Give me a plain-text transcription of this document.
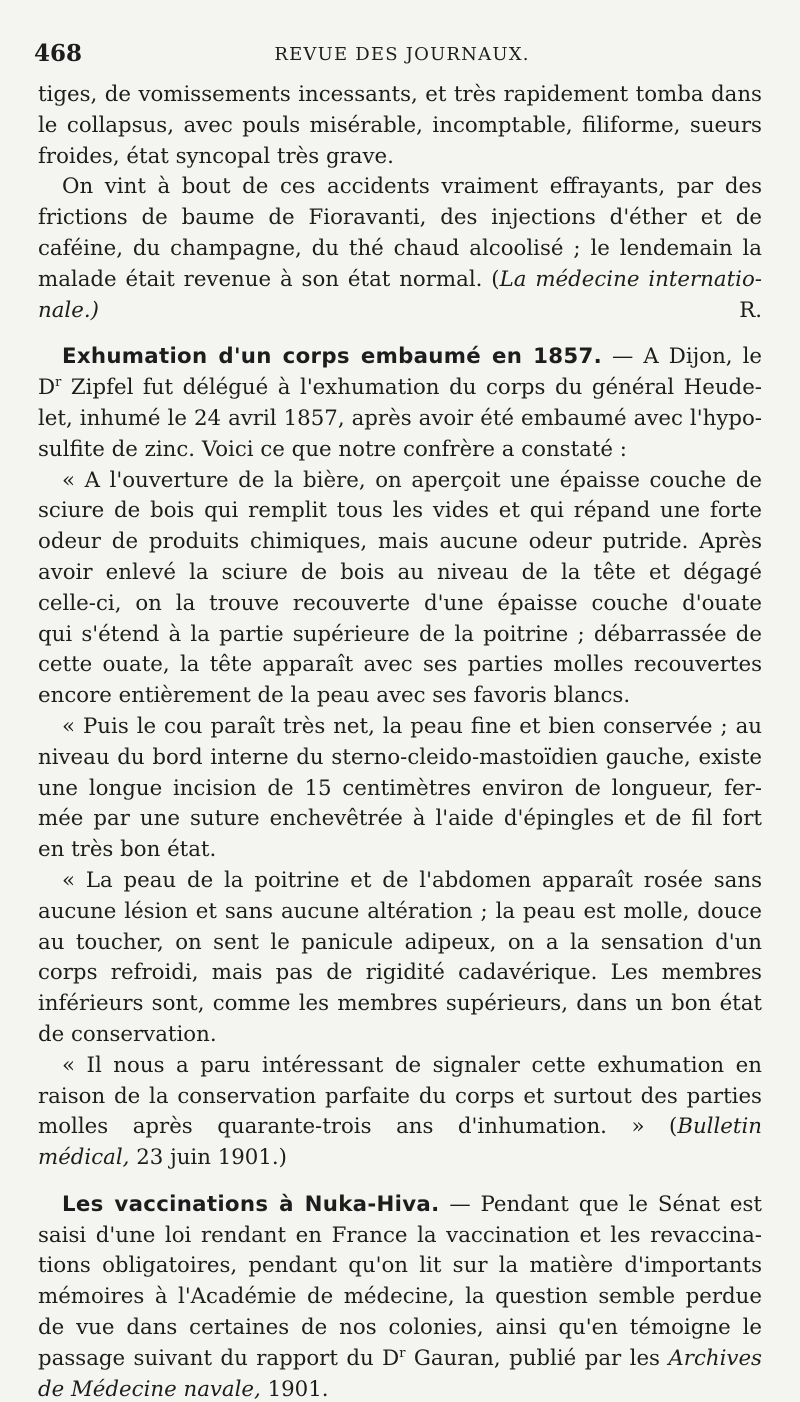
468	REVUE DES JOURNAUX.
tiges, de vomissements incessants, et très rapidement tomba dans
le collapsus, avec pouls misérable, incomptable, filiforme, sueurs
froides, état syncopal très grave.
On vint à bout de ces accidents vraiment effrayants, par des
frictions de baume de Fioravanti, des injections d'éther et de
caféine, du champagne, du thé chaud alcoolisé ; le lendemain la
malade était revenue à son état normal. (La médecine internatio-
nale.)	R.
Exhumation d'un corps embaumé en 1857. — A Dijon, le
$D^r$ Zipfel fut délégué à l'exhumation du corps du général Heude-
let, inhumé le 24 avril 1857, après avoir été embaumé avec l'hypo-
sulfite de zinc. Voici ce que notre confrère a constaté :
« A l'ouverture de la bière, on aperçoit une épaisse couche de
sciure de bois qui remplit tous les vides et qui répand une forte
odeur de produits chimiques, mais aucune odeur putride. Après
avoir enlevé la sciure de bois au niveau de la tête et dégagé
celle-ci, on la trouve recouverte d'une épaisse couche d'ouate
qui s'étend à la partie supérieure de la poitrine ; débarrassée de
cette ouate, la tête apparaît avec ses parties molles recouvertes
encore entièrement de la peau avec ses favoris blancs.
« Puis le cou paraît très net, la peau fine et bien conservée ; au
niveau du bord interne du sterno-cleido-mastoïdien gauche, existe
une longue incision de 15 centimètres environ de longueur, fer-
mée par une suture enchevêtrée à l'aide d'épingles et de fil fort
en très bon état.
« La peau de la poitrine et de l'abdomen apparaît rosée sans
aucune lésion et sans aucune altération ; la peau est molle, douce
au toucher, on sent le panicule adipeux, on a la sensation d'un
corps refroidi, mais pas de rigidité cadavérique. Les membres
inférieurs sont, comme les membres supérieurs, dans un bon état
de conservation.
« Il nous a paru intéressant de signaler cette exhumation en
raison de la conservation parfaite du corps et surtout des parties
molles après quarante-trois ans d'inhumation. » (Bulletin
médical, 23 juin 1901.)
Les vaccinations à Nuka-Hiva. — Pendant que le Sénat est
saisi d'une loi rendant en France la vaccination et les revaccina-
tions obligatoires, pendant qu'on lit sur la matière d'importants
mémoires à l'Académie de médecine, la question semble perdue
de vue dans certaines de nos colonies, ainsi qu'en témoigne le
passage suivant du rapport du $D^r$ Gauran, publié par les Archives
de Médecine navale, 1901.
